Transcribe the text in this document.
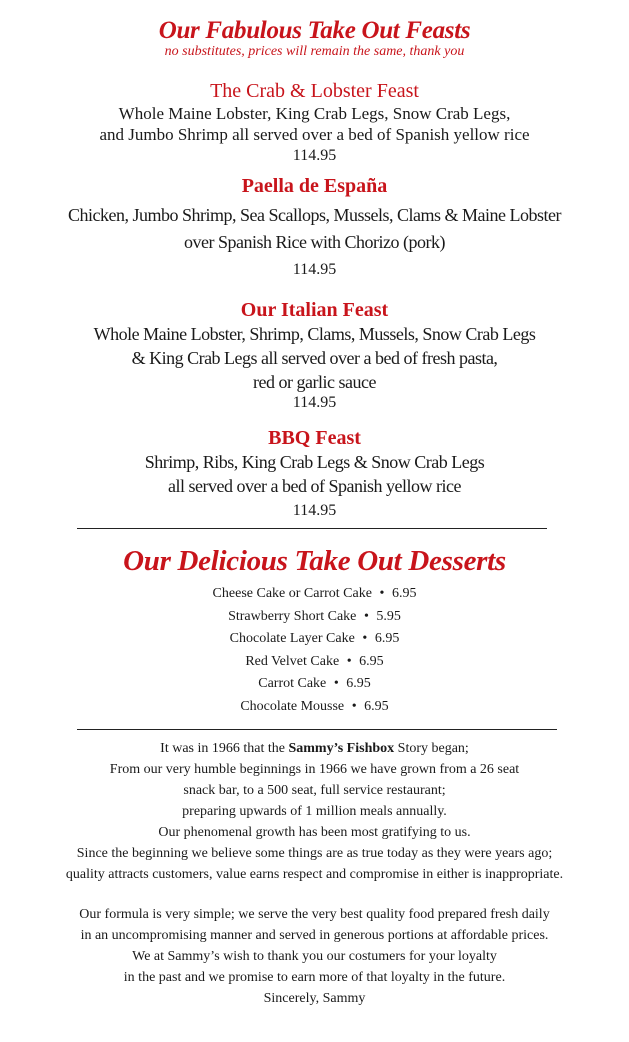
Our Fabulous Take Out Feasts
no substitutes, prices will remain the same, thank you
The Crab & Lobster Feast
Whole Maine Lobster, King Crab Legs, Snow Crab Legs,
and Jumbo Shrimp all served over a bed of Spanish yellow rice
114.95
Paella de España
Chicken, Jumbo Shrimp, Sea Scallops, Mussels, Clams & Maine Lobster
over Spanish Rice with Chorizo (pork)
114.95
Our Italian Feast
Whole Maine Lobster, Shrimp, Clams, Mussels, Snow Crab Legs
& King Crab Legs all served over a bed of fresh pasta,
red or garlic sauce
114.95
BBQ Feast
Shrimp, Ribs, King Crab Legs & Snow Crab Legs
all served over a bed of Spanish yellow rice
114.95
Our Delicious Take Out Desserts
Cheese Cake or Carrot Cake • 6.95
Strawberry Short Cake • 5.95
Chocolate Layer Cake • 6.95
Red Velvet Cake • 6.95
Carrot Cake • 6.95
Chocolate Mousse • 6.95
It was in 1966 that the Sammy’s Fishbox Story began;
From our very humble beginnings in 1966 we have grown from a 26 seat
snack bar, to a 500 seat, full service restaurant;
preparing upwards of 1 million meals annually.
Our phenomenal growth has been most gratifying to us.
Since the beginning we believe some things are as true today as they were years ago;
quality attracts customers, value earns respect and compromise in either is inappropriate.
Our formula is very simple; we serve the very best quality food prepared fresh daily
in an uncompromising manner and served in generous portions at affordable prices.
We at Sammy’s wish to thank you our costumers for your loyalty
in the past and we promise to earn more of that loyalty in the future.
Sincerely, Sammy
